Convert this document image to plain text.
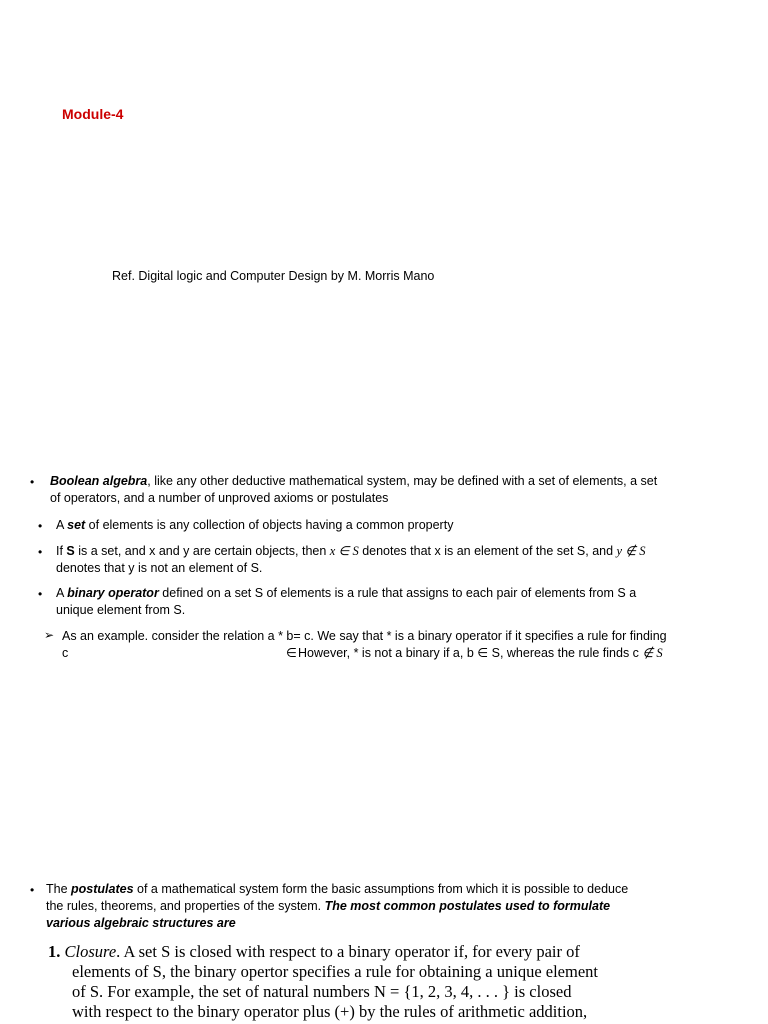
Module-4
Ref. Digital logic and Computer Design by M. Morris Mano
• Boolean algebra, like any other deductive mathematical system, may be defined with a set of elements, a set
of operators, and a number of unproved axioms or postulates
• A set of elements is any collection of objects having a common property
• If S is a set, and x and y are certain objects, then x ∈ S denotes that x is an element of the set S, and y ∉ S
denotes that y is not an element of S.
• A binary operator defined on a set S of elements is a rule that assigns to each pair of elements from S a
unique element from S.
➢ As an example. consider the relation a * b= c. We say that * is a binary operator if it specifies a rule for finding
c	∈ However, * is not a binary if a, b ∈ S, whereas the rule finds c ∉ S
• The postulates of a mathematical system form the basic assumptions from which it is possible to deduce
the rules, theorems, and properties of the system. The most common postulates used to formulate
various algebraic structures are
1. Closure. A set S is closed with respect to a binary operator if, for every pair of
elements of S, the binary opertor specifies a rule for obtaining a unique element
of S. For example, the set of natural numbers N = {1, 2, 3, 4, . . . } is closed
with respect to the binary operator plus (+) by the rules of arithmetic addition,
